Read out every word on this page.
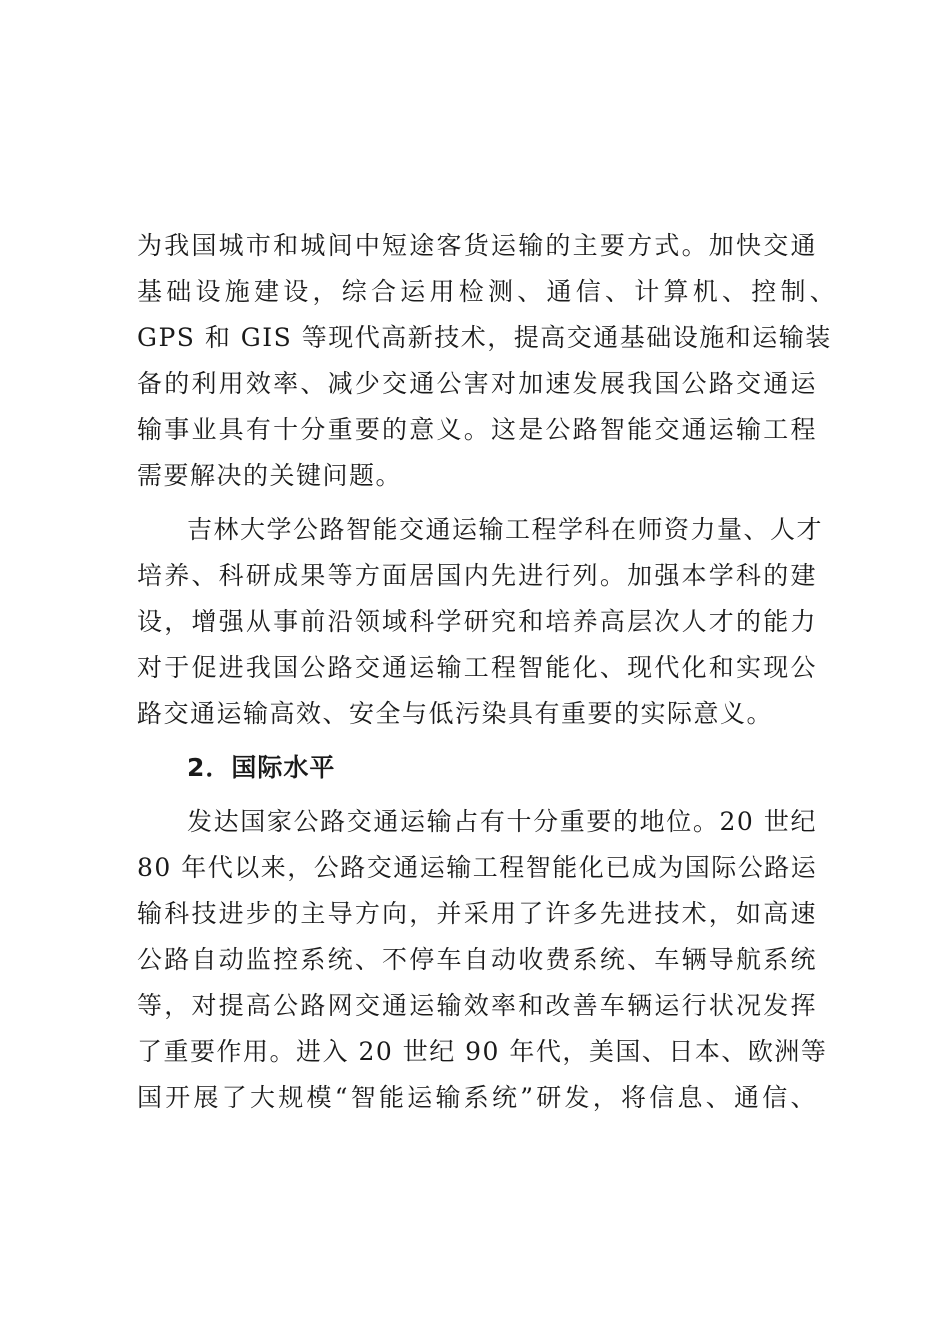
为我国城市和城间中短途客货运输的主要方式。加快交通
基础设施建设，综合运用检测、通信、计算机、控制、
GPS 和 GIS 等现代高新技术，提高交通基础设施和运输装
备的利用效率、减少交通公害对加速发展我国公路交通运
输事业具有十分重要的意义。这是公路智能交通运输工程
需要解决的关键问题。
吉林大学公路智能交通运输工程学科在师资力量、人才
培养、科研成果等方面居国内先进行列。加强本学科的建
设，增强从事前沿领域科学研究和培养高层次人才的能力
对于促进我国公路交通运输工程智能化、现代化和实现公
路交通运输高效、安全与低污染具有重要的实际意义。
2．国际水平
发达国家公路交通运输占有十分重要的地位。20 世纪
80 年代以来，公路交通运输工程智能化已成为国际公路运
输科技进步的主导方向，并采用了许多先进技术，如高速
公路自动监控系统、不停车自动收费系统、车辆导航系统
等，对提高公路网交通运输效率和改善车辆运行状况发挥
了重要作用。进入 20 世纪 90 年代，美国、日本、欧洲等
国开展了大规模“智能运输系统”研发，将信息、通信、
